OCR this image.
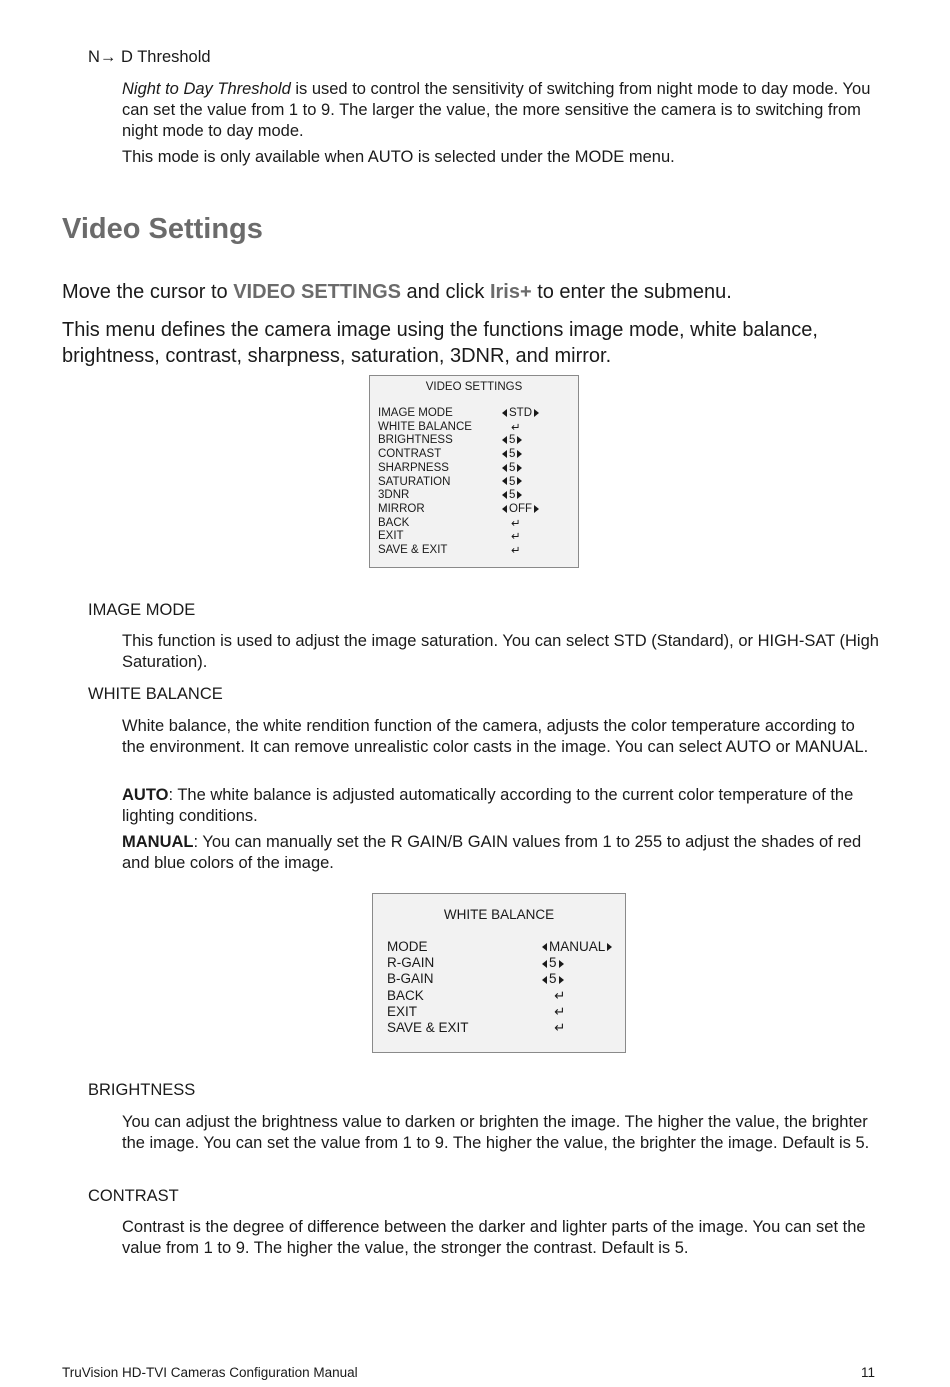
N→ D Threshold

Night to Day Threshold is used to control the sensitivity of switching from night mode to day mode. You can set the value from 1 to 9. The larger the value, the more sensitive the camera is to switching from night mode to day mode.

This mode is only available when AUTO is selected under the MODE menu.

Video Settings

Move the cursor to VIDEO SETTINGS and click Iris+ to enter the submenu.

This menu defines the camera image using the functions image mode, white balance, brightness, contrast, sharpness, saturation, 3DNR, and mirror.

VIDEO SETTINGS
IMAGE MODE	STD
WHITE BALANCE	↵
BRIGHTNESS	5
CONTRAST	5
SHARPNESS	5
SATURATION	5
3DNR	5
MIRROR	OFF
BACK	↵
EXIT	↵
SAVE & EXIT	↵
IMAGE MODE

This function is used to adjust the image saturation. You can select STD (Standard), or HIGH-SAT (High Saturation).

WHITE BALANCE

White balance, the white rendition function of the camera, adjusts the color temperature according to the environment. It can remove unrealistic color casts in the image. You can select AUTO or MANUAL.

AUTO: The white balance is adjusted automatically according to the current color temperature of the lighting conditions.

MANUAL: You can manually set the R GAIN/B GAIN values from 1 to 255 to adjust the shades of red and blue colors of the image.

WHITE BALANCE
MODE	MANUAL
R-GAIN	5
B-GAIN	5
BACK	↵
EXIT	↵
SAVE & EXIT	↵
BRIGHTNESS

You can adjust the brightness value to darken or brighten the image. The higher the value, the brighter the image. You can set the value from 1 to 9. The higher the value, the brighter the image. Default is 5.

CONTRAST

Contrast is the degree of difference between the darker and lighter parts of the image. You can set the value from 1 to 9. The higher the value, the stronger the contrast. Default is 5.

TruVision HD-TVI Cameras Configuration Manual	11
